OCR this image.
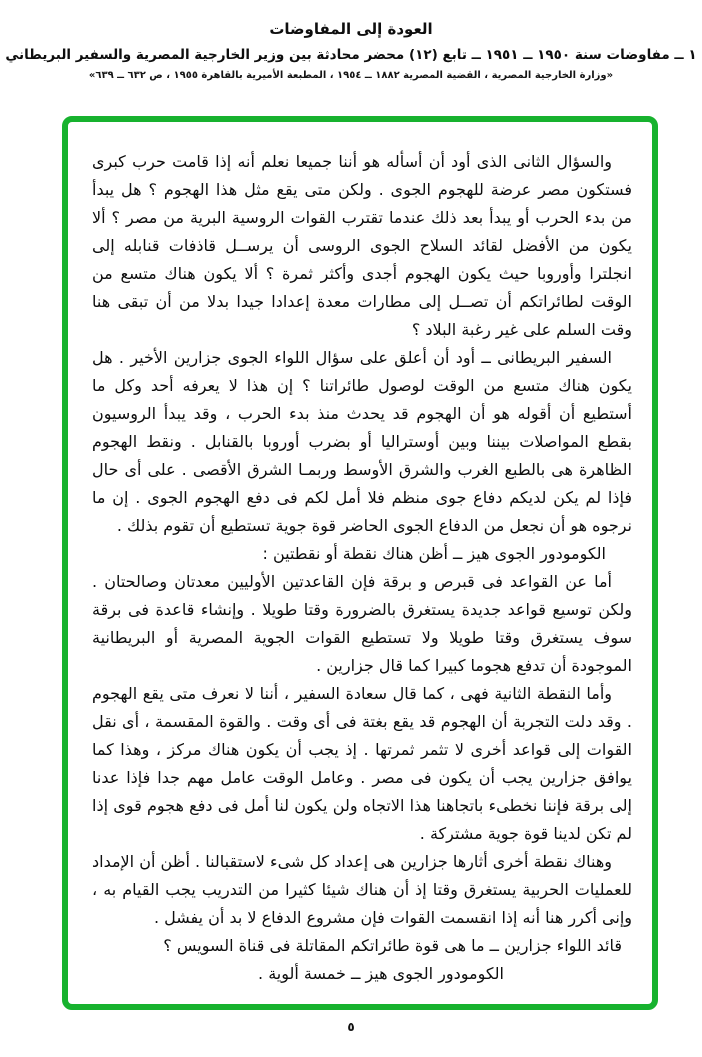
العودة إلى المفاوضات
١ ــ مفاوضات سنة ١٩٥٠ ــ ١٩٥١ ــ تابع (١٢) محضر محادثة بين وزير الخارجية المصرية والسفير البريطاني
«وزارة الخارجية المصرية ، القضية المصرية ١٨٨٢ ــ ١٩٥٤ ، المطبعة الأميرية بالقاهرة ١٩٥٥ ، ص ٦٣٢ ــ ٦٣٩»

والسؤال الثانى الذى أود أن أسأله هو أننا جميعا نعلم أنه إذا قامت حرب كبرى فستكون مصر عرضة للهجوم الجوى . ولكن متى يقع مثل هذا الهجوم ؟ هل يبدأ من بدء الحرب أو يبدأ بعد ذلك عندما تقترب القوات الروسية البرية من مصر ؟ ألا يكون من الأفضل لقائد السلاح الجوى الروسى أن يرســل قاذفات قنابله إلى انجلترا وأوروبا حيث يكون الهجوم أجدى وأكثر ثمرة ؟ ألا يكون هناك متسع من الوقت لطائراتكم أن تصــل إلى مطارات معدة إعدادا جيدا بدلا من أن تبقى هنا وقت السلم على غير رغبة البلاد ؟

السفير البريطانى ــ أود أن أعلق على سؤال اللواء الجوى جزارين الأخير . هل يكون هناك متسع من الوقت لوصول طائراتنا ؟ إن هذا لا يعرفه أحد وكل ما أستطيع أن أقوله هو أن الهجوم قد يحدث منذ بدء الحرب ، وقد يبدأ الروسيون بقطع المواصلات بيننا وبين أوستراليا أو بضرب أوروبا بالقنابل . ونقط الهجوم الظاهرة هى بالطبع الغرب والشرق الأوسط وربمـا الشرق الأقصى . على أى حال فإذا لم يكن لديكم دفاع جوى منظم فلا أمل لكم فى دفع الهجوم الجوى . إن ما نرجوه هو أن نجعل من الدفاع الجوى الحاضر قوة جوية تستطيع أن تقوم بذلك .

الكومودور الجوى هيز ــ أظن هناك نقطة أو نقطتين :

أما عن القواعد فى قبرص و برقة فإن القاعدتين الأوليين معدتان وصالحتان . ولكن توسيع قواعد جديدة يستغرق بالضرورة وقتا طويلا . وإنشاء قاعدة فى برقة سوف يستغرق وقتا طويلا ولا تستطيع القوات الجوية المصرية أو البريطانية الموجودة أن تدفع هجوما كبيرا كما قال جزارين .

وأما النقطة الثانية فهى ، كما قال سعادة السفير ، أننا لا نعرف متى يقع الهجوم . وقد دلت التجربة أن الهجوم قد يقع بغتة فى أى وقت . والقوة المقسمة ، أى نقل القوات إلى قواعد أخرى لا تثمر ثمرتها . إذ يجب أن يكون هناك مركز ، وهذا كما يوافق جزارين يجب أن يكون فى مصر . وعامل الوقت عامل مهم جدا فإذا عدنا إلى برقة فإننا نخطىء باتجاهنا هذا الاتجاه ولن يكون لنا أمل فى دفع هجوم قوى إذا لم تكن لدينا قوة جوية مشتركة .

وهناك نقطة أخرى أثارها جزارين هى إعداد كل شىء لاستقبالنا . أظن أن الإمداد للعمليات الحربية يستغرق وقتا إذ أن هناك شيئا كثيرا من التدريب يجب القيام به ، وإنى أكرر هنا أنه إذا انقسمت القوات فإن مشروع الدفاع لا بد أن يفشل .

قائد اللواء جزارين ــ ما هى قوة طائراتكم المقاتلة فى قناة السويس ؟

الكومودور الجوى هيز ــ خمسة ألوية .

٥
